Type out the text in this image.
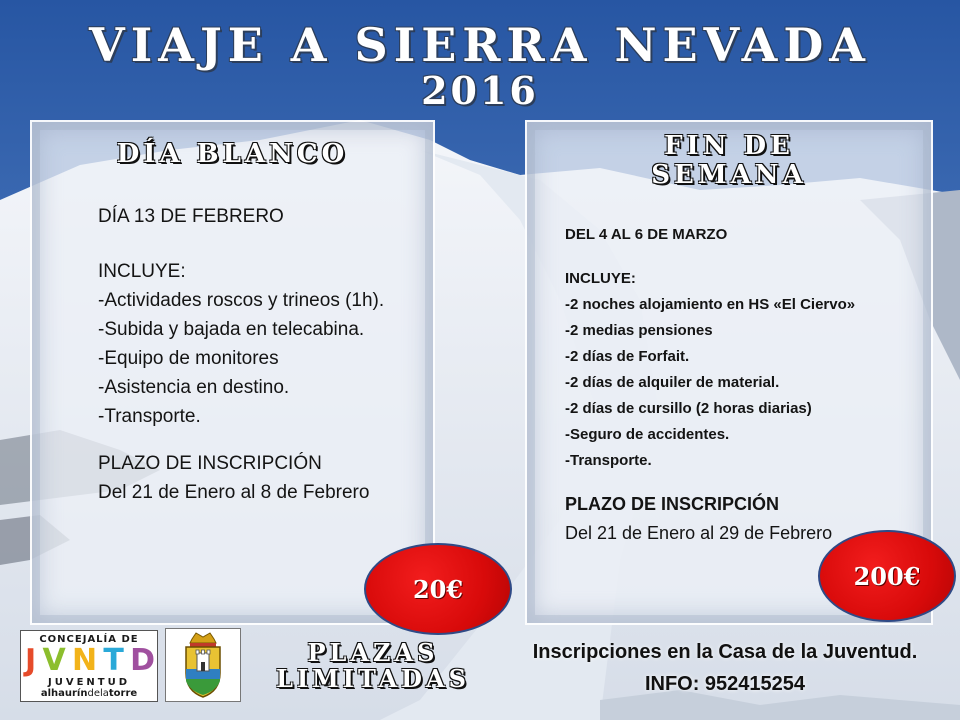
VIAJE A SIERRA NEVADA
2016
DÍA BLANCO
DÍA 13 DE FEBRERO
INCLUYE:
-Actividades roscos y trineos (1h).
-Subida y bajada en telecabina.
-Equipo de monitores
-Asistencia en destino.
-Transporte.
PLAZO DE INSCRIPCIÓN
Del 21 de Enero al 8 de Febrero
FIN DE
SEMANA
DEL 4 AL 6 DE MARZO
INCLUYE:
-2 noches alojamiento en HS «El Ciervo»
-2 medias pensiones
-2 días de Forfait.
-2 días de alquiler de material.
-2 días de cursillo (2 horas diarias)
-Seguro de accidentes.
-Transporte.
PLAZO DE INSCRIPCIÓN
Del 21 de Enero al 29 de Febrero
20€	200€
CONCEJALÍA DE
J V N T D
JUVENTUD
alhauríndelatorre
PLAZAS
LIMITADAS
Inscripciones en la Casa de la Juventud.
INFO: 952415254
